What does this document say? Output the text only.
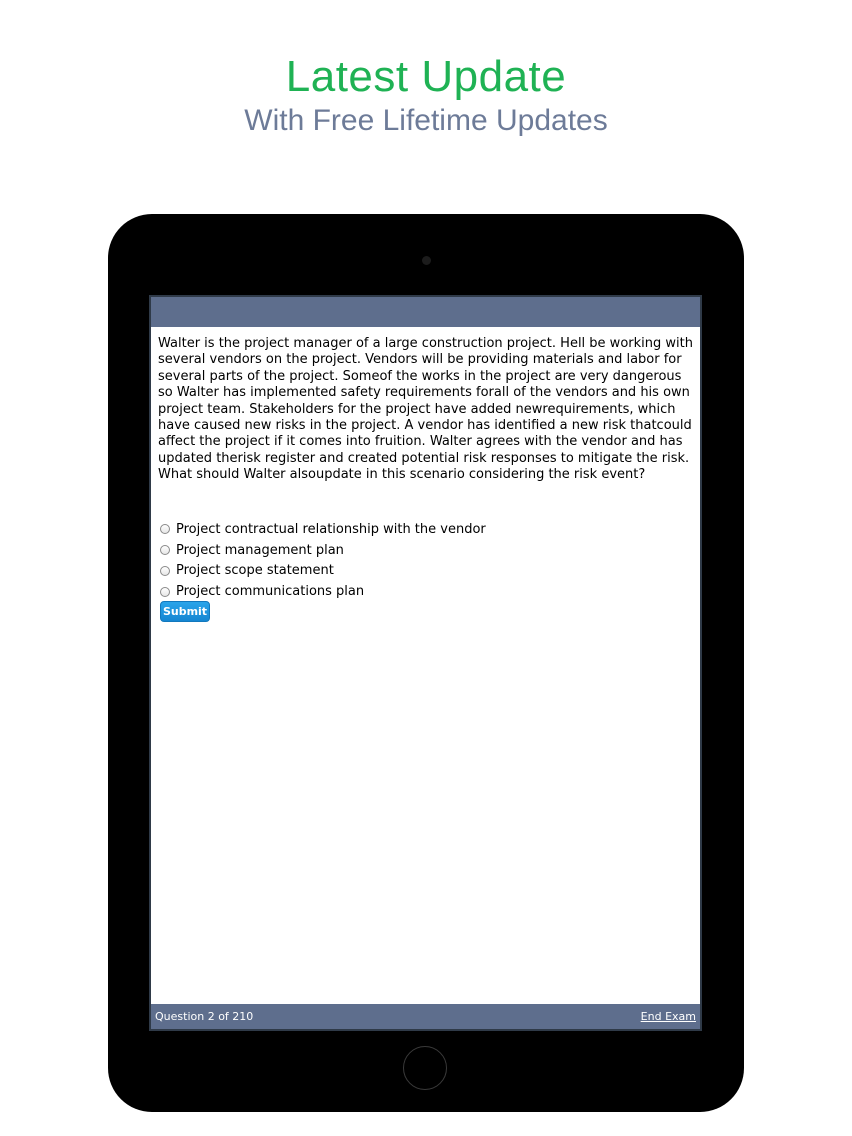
Latest Update
With Free Lifetime Updates
Walter is the project manager of a large construction project. Hell be working with several vendors on the project. Vendors will be providing materials and labor for several parts of the project. Someof the works in the project are very dangerous so Walter has implemented safety requirements forall of the vendors and his own project team. Stakeholders for the project have added newrequirements, which have caused new risks in the project. A vendor has identified a new risk thatcould affect the project if it comes into fruition. Walter agrees with the vendor and has updated therisk register and created potential risk responses to mitigate the risk. What should Walter alsoupdate in this scenario considering the risk event?
Project contractual relationship with the vendor
Project management plan
Project scope statement
Project communications plan
Submit
Question 2 of 210	End Exam
